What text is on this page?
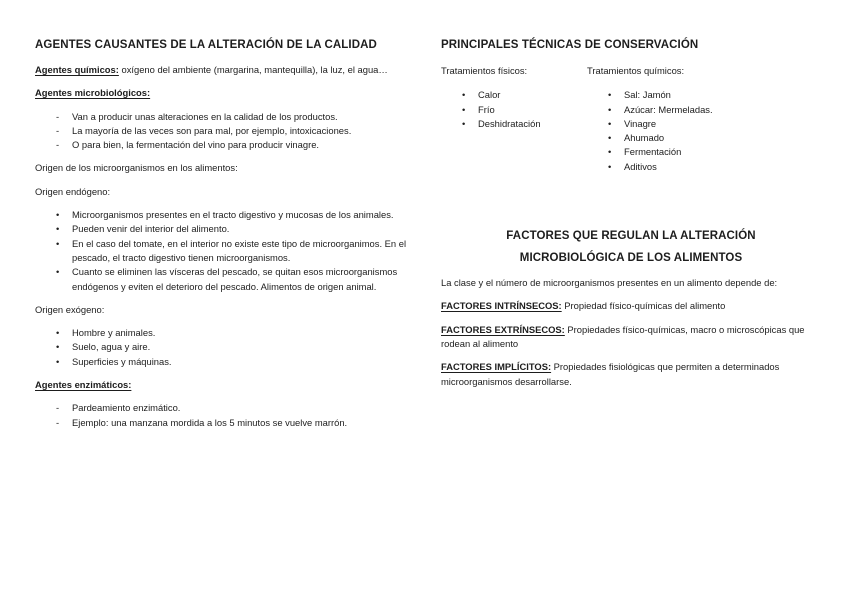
AGENTES CAUSANTES DE LA ALTERACIÓN DE LA CALIDAD

Agentes químicos: oxígeno del ambiente (margarina, mantequilla), la luz, el agua…

Agentes microbiológicos:

- Van a producir unas alteraciones en la calidad de los productos.
- La mayoría de las veces son para mal, por ejemplo, intoxicaciones.
- O para bien, la fermentación del vino para producir vinagre.

Origen de los microorganismos en los alimentos:

Origen endógeno:

• Microorganismos presentes en el tracto digestivo y mucosas de los animales.
• Pueden venir del interior del alimento.
• En el caso del tomate, en el interior no existe este tipo de microorganimos. En el pescado, el tracto digestivo tienen microorganismos.
• Cuanto se eliminen las vísceras del pescado, se quitan esos microorganismos endógenos y eviten el deterioro del pescado. Alimentos de origen animal.

Origen exógeno:

• Hombre y animales.
• Suelo, agua y aire.
• Superficies y máquinas.

Agentes enzimáticos:

- Pardeamiento enzimático.
- Ejemplo: una manzana mordida a los 5 minutos se vuelve marrón.
PRINCIPALES TÉCNICAS DE CONSERVACIÓN

Tratamientos físicos:

• Calor
• Frío
• Deshidratación

Tratamientos químicos:

• Sal: Jamón
• Azúcar: Mermeladas.
• Vinagre
• Ahumado
• Fermentación
• Aditivos
FACTORES QUE REGULAN LA ALTERACIÓN
MICROBIOLÓGICA DE LOS ALIMENTOS

La clase y el número de microorganismos presentes en un alimento depende de:

FACTORES INTRÍNSECOS: Propiedad físico-químicas del alimento

FACTORES EXTRÍNSECOS: Propiedades físico-químicas, macro o microscópicas que rodean al alimento

FACTORES IMPLÍCITOS: Propiedades fisiológicas que permiten a determinados microorganismos desarrollarse.
